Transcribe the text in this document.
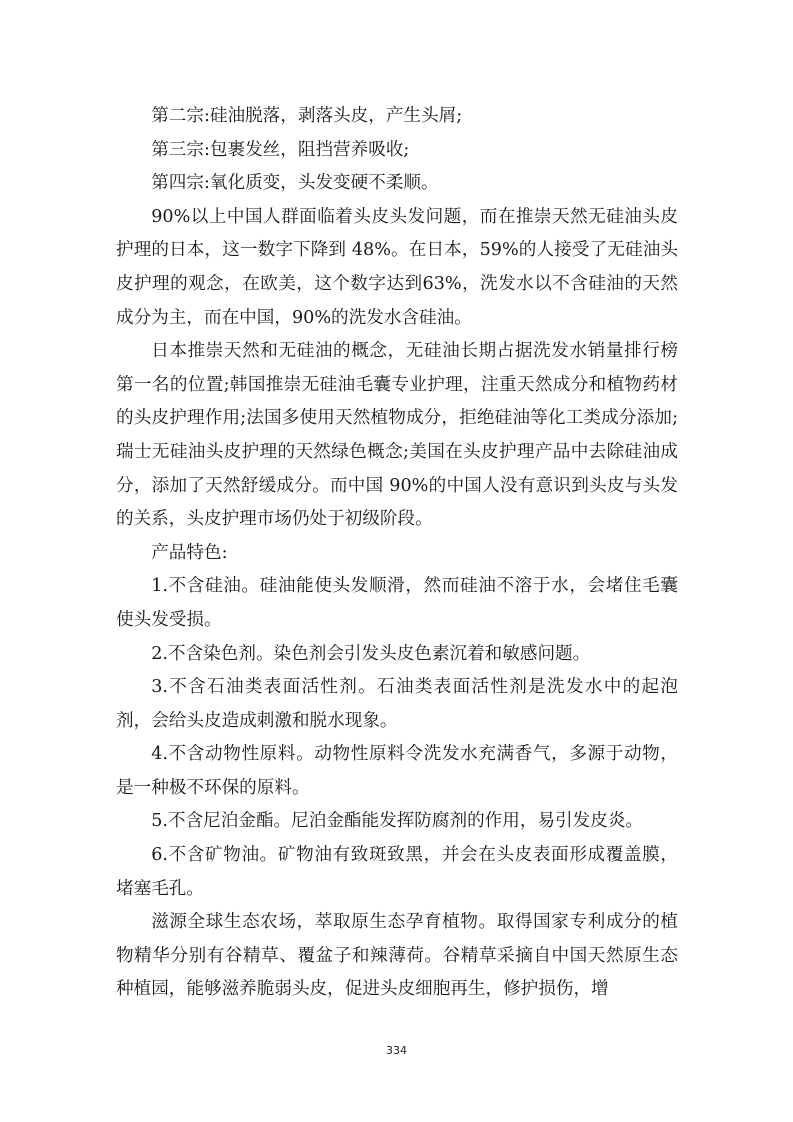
第二宗:硅油脱落，剥落头皮，产生头屑;

第三宗:包裹发丝，阻挡营养吸收;

第四宗:氧化质变，头发变硬不柔顺。

90%以上中国人群面临着头皮头发问题，而在推崇天然无硅油头皮护理的日本，这一数字下降到 48%。在日本，59%的人接受了无硅油头皮护理的观念，在欧美，这个数字达到63%，洗发水以不含硅油的天然成分为主，而在中国，90%的洗发水含硅油。

日本推崇天然和无硅油的概念，无硅油长期占据洗发水销量排行榜第一名的位置;韩国推崇无硅油毛囊专业护理，注重天然成分和植物药材的头皮护理作用;法国多使用天然植物成分，拒绝硅油等化工类成分添加;瑞士无硅油头皮护理的天然绿色概念;美国在头皮护理产品中去除硅油成分，添加了天然舒缓成分。而中国 90%的中国人没有意识到头皮与头发的关系，头皮护理市场仍处于初级阶段。

产品特色:

1.不含硅油。硅油能使头发顺滑，然而硅油不溶于水，会堵住毛囊使头发受损。

2.不含染色剂。染色剂会引发头皮色素沉着和敏感问题。

3.不含石油类表面活性剂。石油类表面活性剂是洗发水中的起泡剂，会给头皮造成刺激和脱水现象。

4.不含动物性原料。动物性原料令洗发水充满香气，多源于动物，是一种极不环保的原料。

5.不含尼泊金酯。尼泊金酯能发挥防腐剂的作用，易引发皮炎。

6.不含矿物油。矿物油有致斑致黑，并会在头皮表面形成覆盖膜，堵塞毛孔。

滋源全球生态农场，萃取原生态孕育植物。取得国家专利成分的植物精华分别有谷精草、覆盆子和辣薄荷。谷精草采摘自中国天然原生态种植园，能够滋养脆弱头皮，促进头皮细胞再生，修护损伤，增

334
